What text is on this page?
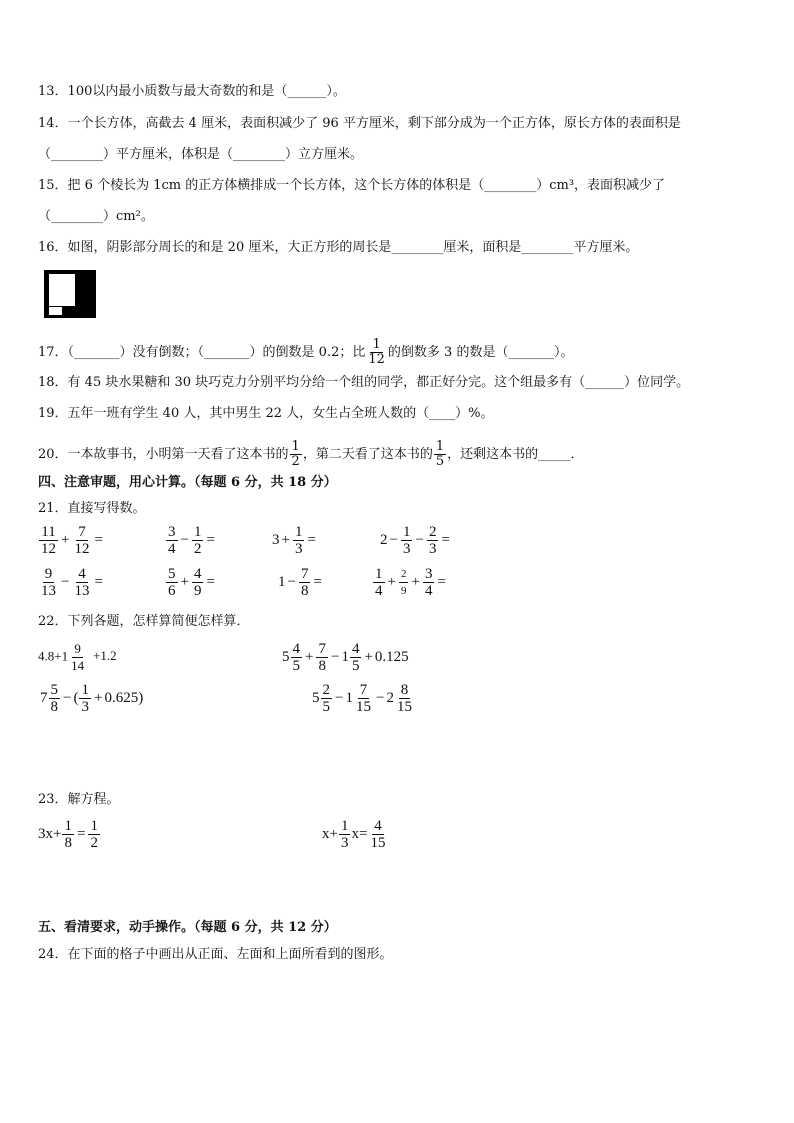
13．100以内最小质数与最大奇数的和是（______）。
14．一个长方体，高截去 4 厘米，表面积减少了 96 平方厘米，剩下部分成为一个正方体，原长方体的表面积是
（________）平方厘米，体积是（________）立方厘米。
15．把 6 个棱长为 1cm 的正方体横排成一个长方体，这个长方体的体积是（________）cm³，表面积减少了
（________）cm²。
16．如图，阴影部分周长的和是 20 厘米，大正方形的周长是________厘米，面积是________平方厘米。
17．（_______）没有倒数；（_______）的倒数是 0.2；比 $\frac{1}{12}$ 的倒数多 3 的数是（_______）。
18．有 45 块水果糖和 30 块巧克力分别平均分给一个组的同学，都正好分完。这个组最多有（______）位同学。
19．五年一班有学生 40 人，其中男生 22 人，女生占全班人数的（____）%。
20．一本故事书，小明第一天看了这本书的 $\frac{1}{2}$ ，第二天看了这本书的 $\frac{1}{5}$ ，还剩这本书的_____．
四、注意审题，用心计算。（每题 6 分，共 18 分）
21．直接写得数。
$\frac{11}{12} + \frac{7}{12}$ =	$\frac{3}{4} - \frac{1}{2}$ =	$3 + \frac{1}{3}$ =	$2 - \frac{1}{3} - \frac{2}{3}$ =
$\frac{9}{13} - \frac{4}{13}$ =	$\frac{5}{6} + \frac{4}{9}$ =	$1 - \frac{7}{8}$ =	$\frac{1}{4} + \frac{2}{9} + \frac{3}{4}$ =
22．下列各题，怎样算简便怎样算．
$4.8+1 \frac{9}{14} +1.2$	$5 \frac{4}{5} + \frac{7}{8} - 1 \frac{4}{5} + 0.125$
$7 \frac{5}{8}$ − ( $\frac{1}{3} + 0.625$)	$5 \frac{2}{5} - 1 \frac{7}{15} - 2 \frac{8}{15}$
23．解方程。
$3x+ \frac{1}{8} = \frac{1}{2}$	$x+ \frac{1}{3} x= \frac{4}{15}$
五、看清要求，动手操作。（每题 6 分，共 12 分）
24．在下面的格子中画出从正面、左面和上面所看到的图形。
